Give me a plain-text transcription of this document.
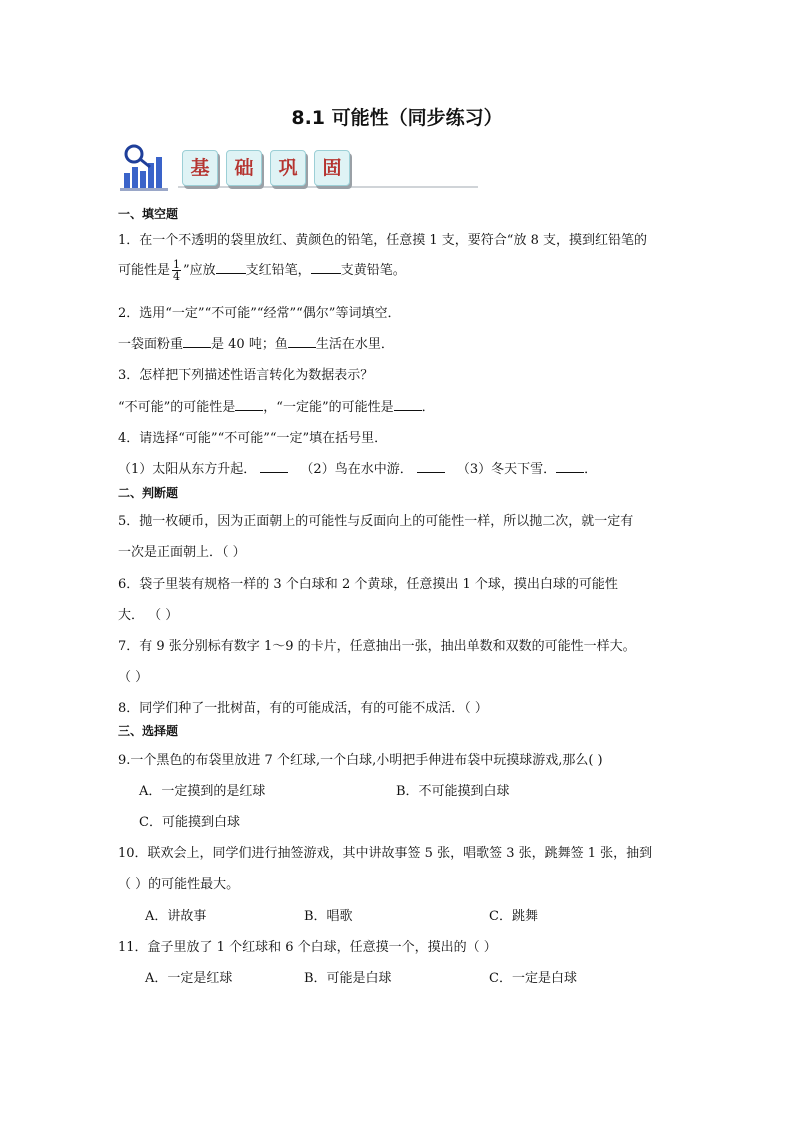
8.1 可能性（同步练习）
基	础	巩	固
一、填空题
1．在一个不透明的袋里放红、黄颜色的铅笔，任意摸 1 支，要符合“放 8 支，摸到红铅笔的
可能性是 $\frac{1}{4}$ ”应放 支红铅笔， 支黄铅笔。
2．选用“一定”“不可能”“经常”“偶尔”等词填空．
一袋面粉重 是 40 吨；鱼 生活在水里．
3．怎样把下列描述性语言转化为数据表示？
“不可能”的可能性是 ，“一定能”的可能性是 ．
4．请选择“可能”“不可能”“一定”填在括号里．
（1）太阳从东方升起．	（2）鸟在水中游．	（3）冬天下雪． ．
二、判断题
5．抛一枚硬币，因为正面朝上的可能性与反面向上的可能性一样，所以抛二次，就一定有
一次是正面朝上．（ ）
6．袋子里装有规格一样的 3 个白球和 2 个黄球，任意摸出 1 个球，摸出白球的可能性
大． （ ）
7．有 9 张分别标有数字 1～9 的卡片，任意抽出一张，抽出单数和双数的可能性一样大。
（ ）
8．同学们种了一批树苗，有的可能成活，有的可能不成活．（ ）
三、选择题
9.一个黑色的布袋里放进 7 个红球,一个白球,小明把手伸进布袋中玩摸球游戏,那么( )
A．一定摸到的是红球	B．不可能摸到白球
C．可能摸到白球
10．联欢会上，同学们进行抽签游戏，其中讲故事签 5 张，唱歌签 3 张，跳舞签 1 张，抽到
（ ）的可能性最大。
A．讲故事	B．唱歌	C．跳舞
11．盒子里放了 1 个红球和 6 个白球，任意摸一个，摸出的（ ）
A．一定是红球	B．可能是白球	C．一定是白球
